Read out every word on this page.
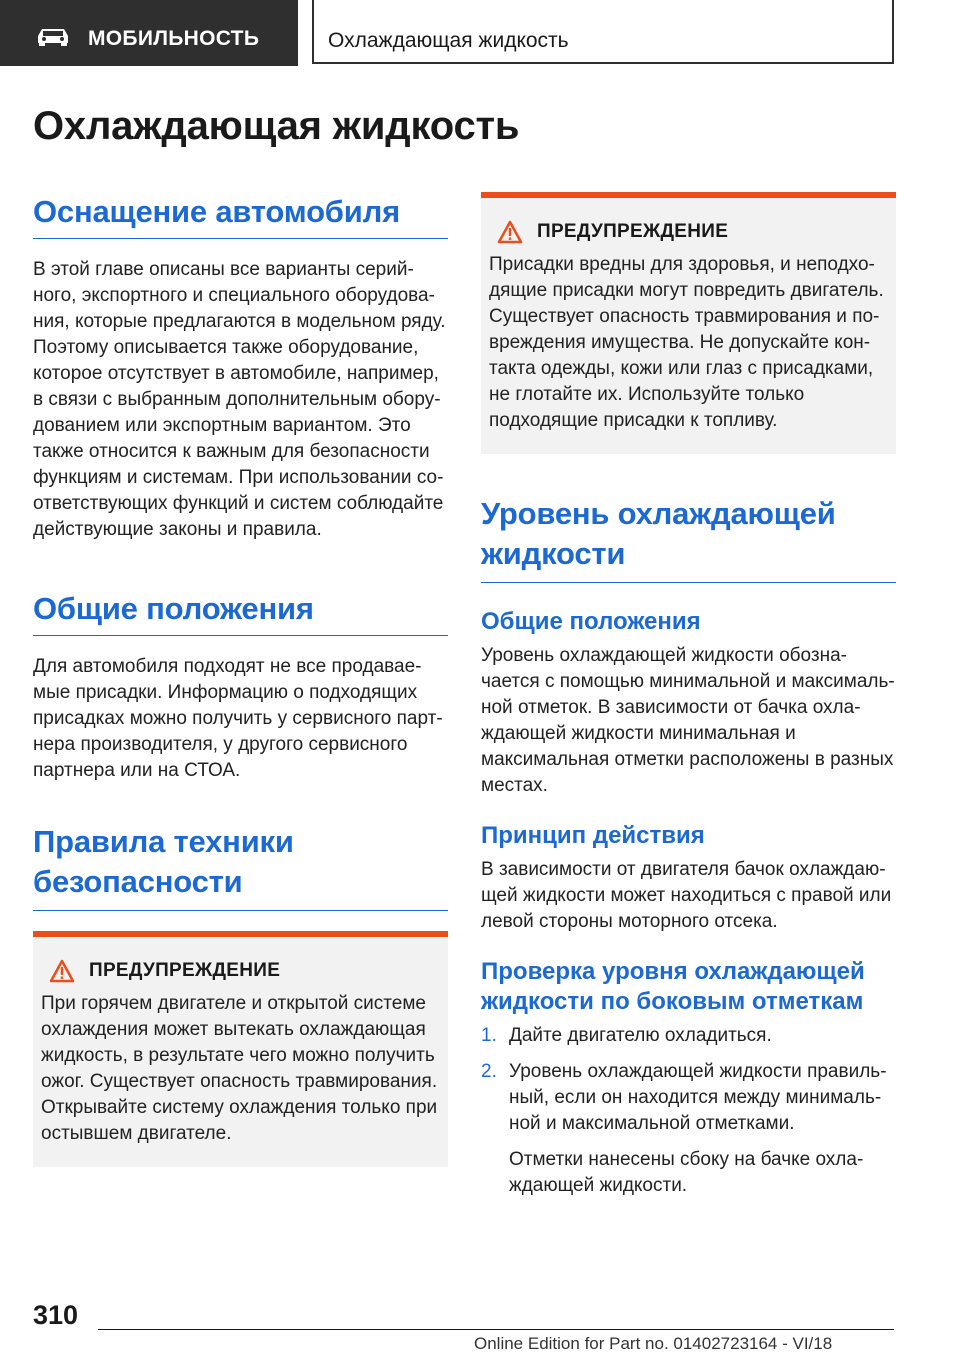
МОБИЛЬНОСТЬ	Охлаждающая жидкость
Охлаждающая жидкость
Оснащение автомобиля

В этой главе описаны все варианты серийного, экспортного и специального оборудования, которые предлагаются в модельном ряду. Поэтому описывается также оборудование, которое отсутствует в автомобиле, например, в связи с выбранным дополнительным оборудованием или экспортным вариантом. Это также относится к важным для безопасности функциям и системам. При использовании соответствующих функций и систем соблюдайте действующие законы и правила.

Общие положения

Для автомобиля подходят не все продаваемые присадки. Информацию о подходящих присадках можно получить у сервисного партнера производителя, у другого сервисного партнера или на СТОА.

Правила техники безопасности
ПРЕДУПРЕЖДЕНИЕ

При горячем двигателе и открытой системе охлаждения может вытекать охлаждающая жидкость, в результате чего можно получить ожог. Существует опасность травмирования. Открывайте систему охлаждения только при остывшем двигателе.

ПРЕДУПРЕЖДЕНИЕ

Присадки вредны для здоровья, и неподходящие присадки могут повредить двигатель. Существует опасность травмирования и повреждения имущества. Не допускайте контакта одежды, кожи или глаз с присадками, не глотайте их. Используйте только подходящие присадки к топливу.

Уровень охлаждающей жидкости
Общие положения

Уровень охлаждающей жидкости обозначается с помощью минимальной и максимальной отметок. В зависимости от бачка охлаждающей жидкости минимальная и максимальная отметки расположены в разных местах.

Принцип действия

В зависимости от двигателя бачок охлаждающей жидкости может находиться с правой или левой стороны моторного отсека.

Проверка уровня охлаждающей жидкости по боковым отметкам
1. Дайте двигателю охладиться.
2. Уровень охлаждающей жидкости правильный, если он находится между минимальной и максимальной отметками.

Отметки нанесены сбоку на бачке охлаждающей жидкости.

310
Online Edition for Part no. 01402723164 - VI/18
